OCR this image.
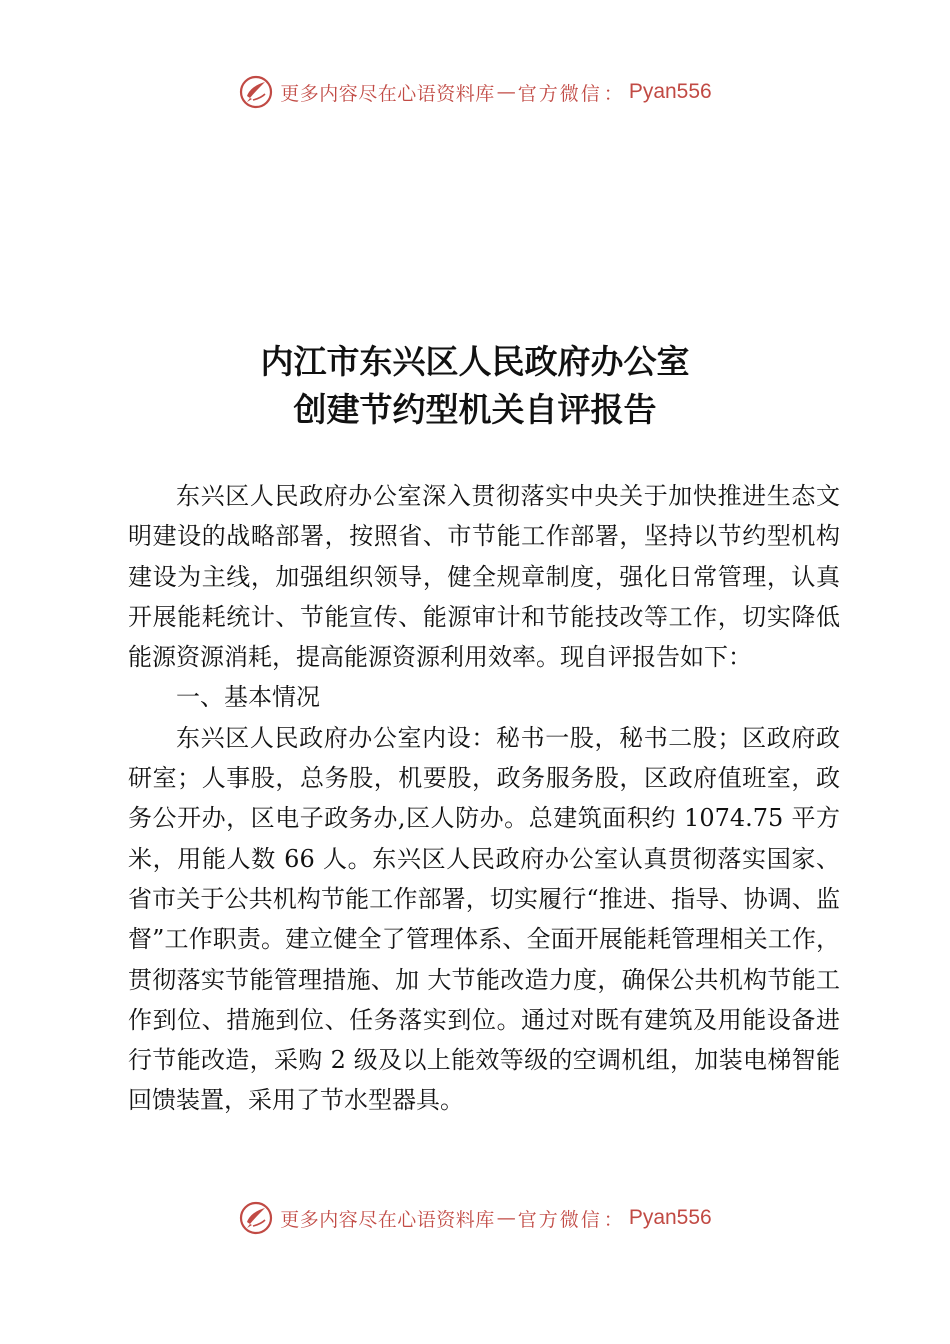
更多内容尽在心语资料库 — 官方微信 ： Pyan556
内江市东兴区人民政府办公室
创建节约型机关自评报告

东兴区人民政府办公室深入贯彻落实中央关于加快推进生态文明建设的战略部署，按照省、市节能工作部署，坚持以节约型机构建设为主线，加强组织领导，健全规章制度，强化日常管理，认真开展能耗统计、节能宣传、能源审计和节能技改等工作，切实降低能源资源消耗，提高能源资源利用效率。现自评报告如下：

一、基本情况

东兴区人民政府办公室内设：秘书一股，秘书二股；区政府政研室；人事股，总务股，机要股，政务服务股，区政府值班室，政务公开办，区电子政务办,区人防办。总建筑面积约 1074.75 平方米，用能人数 66 人。东兴区人民政府办公室认真贯彻落实国家、省市关于公共机构节能工作部署，切实履行“推进、指导、协调、监督”工作职责。建立健全了管理体系、全面开展能耗管理相关工作，贯彻落实节能管理措施、加 大节能改造力度，确保公共机构节能工作到位、措施到位、任务落实到位。通过对既有建筑及用能设备进行节能改造，采购 2 级及以上能效等级的空调机组，加装电梯智能回馈装置，采用了节水型器具。

更多内容尽在心语资料库 — 官方微信 ： Pyan556
